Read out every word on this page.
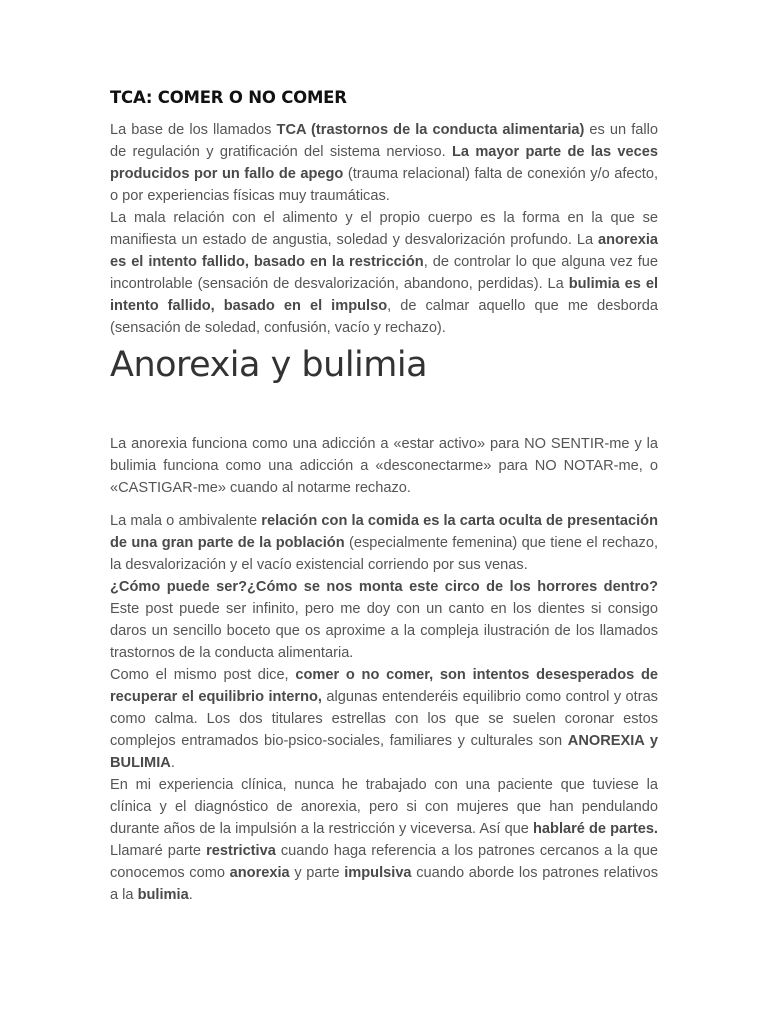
TCA: COMER O NO COMER

La base de los llamados TCA (trastornos de la conducta alimentaria) es un fallo de regulación y gratificación del sistema nervioso. La mayor parte de las veces producidos por un fallo de apego (trauma relacional) falta de conexión y/o afecto, o por experiencias físicas muy traumáticas.

La mala relación con el alimento y el propio cuerpo es la forma en la que se manifiesta un estado de angustia, soledad y desvalorización profundo. La anorexia es el intento fallido, basado en la restricción, de controlar lo que alguna vez fue incontrolable (sensación de desvalorización, abandono, perdidas). La bulimia es el intento fallido, basado en el impulso, de calmar aquello que me desborda (sensación de soledad, confusión, vacío y rechazo).

Anorexia y bulimia

La anorexia funciona como una adicción a «estar activo» para NO SENTIR-me y la bulimia funciona como una adicción a «desconectarme» para NO NOTAR-me, o «CASTIGAR-me» cuando al notarme rechazo.

La mala o ambivalente relación con la comida es la carta oculta de presentación de una gran parte de la población (especialmente femenina) que tiene el rechazo, la desvalorización y el vacío existencial corriendo por sus venas.

¿Cómo puede ser?¿Cómo se nos monta este circo de los horrores dentro? Este post puede ser infinito, pero me doy con un canto en los dientes si consigo daros un sencillo boceto que os aproxime a la compleja ilustración de los llamados trastornos de la conducta alimentaria.

Como el mismo post dice, comer o no comer, son intentos desesperados de recuperar el equilibrio interno, algunas entenderéis equilibrio como control y otras como calma. Los dos titulares estrellas con los que se suelen coronar estos complejos entramados bio-psico-sociales, familiares y culturales son ANOREXIA y BULIMIA.

En mi experiencia clínica, nunca he trabajado con una paciente que tuviese la clínica y el diagnóstico de anorexia, pero si con mujeres que han pendulando durante años de la impulsión a la restricción y viceversa. Así que hablaré de partes. Llamaré parte restrictiva cuando haga referencia a los patrones cercanos a la que conocemos como anorexia y parte impulsiva cuando aborde los patrones relativos a la bulimia.
